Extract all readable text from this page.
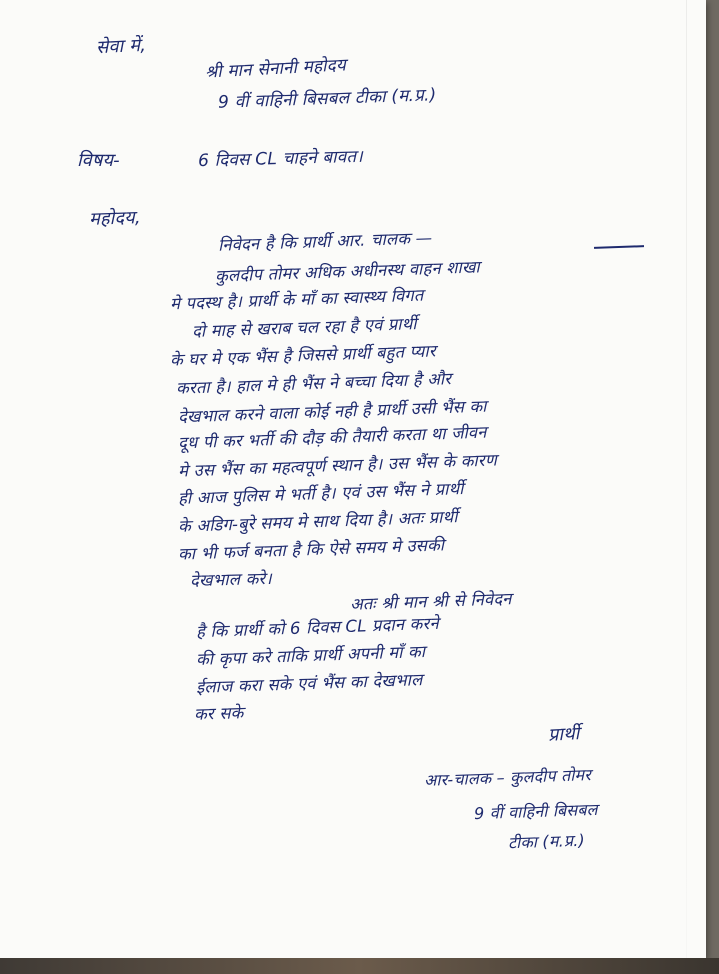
सेवा में,
श्री मान सेनानी महोदय
9 वीं वाहिनी बिसबल टीका (म.प्र.)
विषय-	6 दिवस CL चाहने बावत।
महोदय,
निवेदन है कि प्रार्थी आर. चालक —
कुलदीप तोमर अधिक अधीनस्थ वाहन शाखा
मे पदस्थ है। प्रार्थी के माँ का स्वास्थ्य विगत
दो माह से खराब चल रहा है एवं प्रार्थी
के घर मे एक भैंस है जिससे प्रार्थी बहुत प्यार
करता है। हाल मे ही भैंस ने बच्चा दिया है और
देखभाल करने वाला कोई नही है प्रार्थी उसी भैंस का
दूध पी कर भर्ती की दौड़ की तैयारी करता था जीवन
मे उस भैंस का महत्वपूर्ण स्थान है। उस भैंस के कारण
ही आज पुलिस मे भर्ती है। एवं उस भैंस ने प्रार्थी
के अडिग-बुरे समय मे साथ दिया है। अतः प्रार्थी
का भी फर्ज बनता है कि ऐसे समय मे उसकी
देखभाल करे।
अतः श्री मान श्री से निवेदन
है कि प्रार्थी को 6 दिवस CL प्रदान करने
की कृपा करे ताकि प्रार्थी अपनी माँ का
ईलाज करा सके एवं भैंस का देखभाल
कर सके
प्रार्थी
आर-चालक – कुलदीप तोमर
9 वीं वाहिनी बिसबल
टीका (म.प्र.)
